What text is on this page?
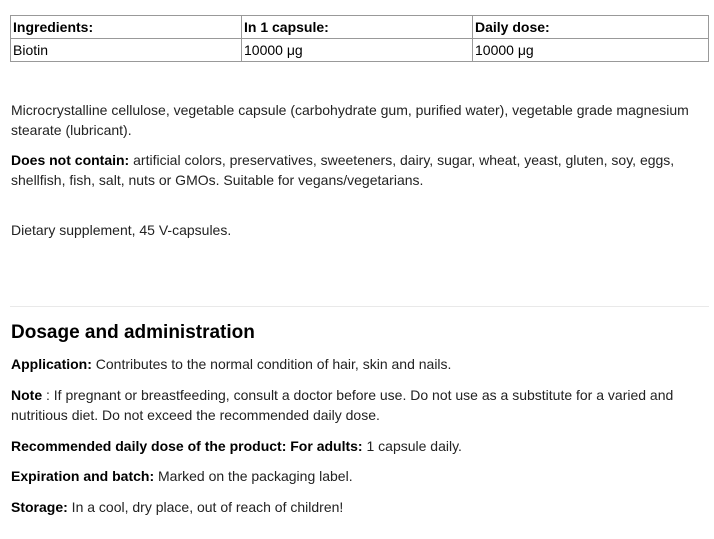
Ingredients:	In 1 capsule:	Daily dose:
Biotin	10000 μg	10000 μg

Microcrystalline cellulose, vegetable capsule (carbohydrate gum, purified water), vegetable grade magnesium stearate (lubricant).

Does not contain: artificial colors, preservatives, sweeteners, dairy, sugar, wheat, yeast, gluten, soy, eggs, shellfish, fish, salt, nuts or GMOs. Suitable for vegans/vegetarians.

Dietary supplement, 45 V-capsules.

Dosage and administration

Application: Contributes to the normal condition of hair, skin and nails.

Note : If pregnant or breastfeeding, consult a doctor before use. Do not use as a substitute for a varied and nutritious diet. Do not exceed the recommended daily dose.

Recommended daily dose of the product: For adults: 1 capsule daily.

Expiration and batch: Marked on the packaging label.

Storage: In a cool, dry place, out of reach of children!
